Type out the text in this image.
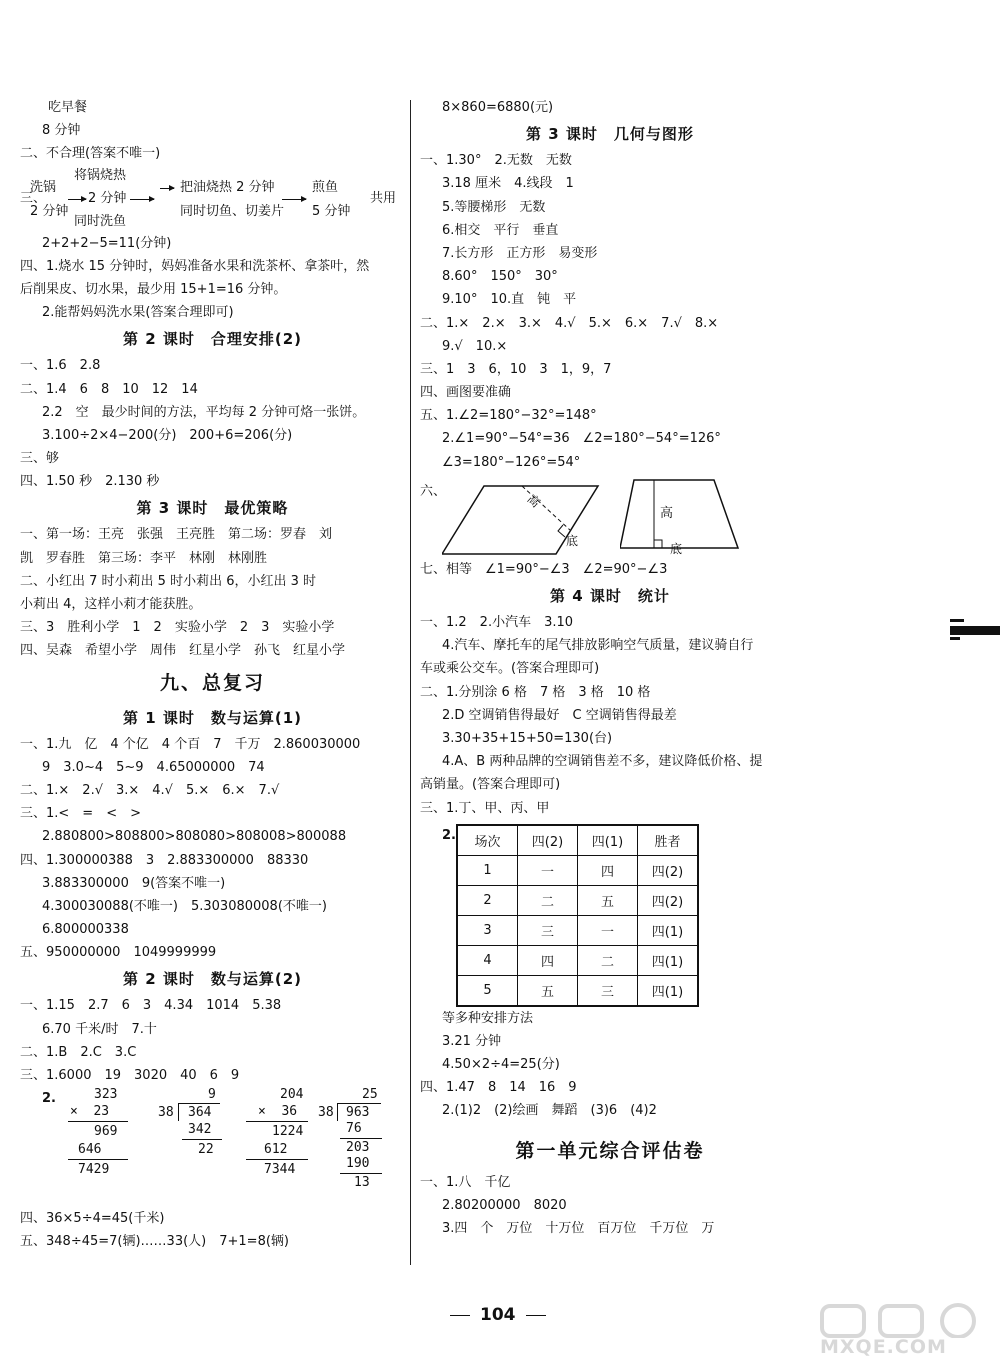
吃早餐
8 分钟
二、不合理(答案不唯一)
三、
洗锅
2 分钟
将锅烧热
2 分钟
同时洗鱼
把油烧热 2 分钟
同时切鱼、切姜片
煎鱼
5 分钟
共用
2+2+2−5=11(分钟)
四、1.烧水 15 分钟时，妈妈准备水果和洗茶杯、拿茶叶，然
后削果皮、切水果，最少用 15+1=16 分钟。
2.能帮妈妈洗水果(答案合理即可)
第 2 课时　合理安排(2)
一、1.6　2.8
二、1.4　6　8　10　12　14
2.2　空　最少时间的方法，平均每 2 分钟可烙一张饼。
3.100÷2×4−200(分)　200+6=206(分)
三、够
四、1.50 秒　2.130 秒
第 3 课时　最优策略
一、第一场：王亮　张强　王亮胜　第二场：罗春　刘
凯　罗春胜　第三场：李平　林刚　林刚胜
二、小红出 7 时小莉出 5 时小莉出 6，小红出 3 时
小莉出 4，这样小莉才能获胜。
三、3　胜利小学　1　2　实验小学　2　3　实验小学
四、吴森　希望小学　周伟　红星小学　孙飞　红星小学
九、总复习
第 1 课时　数与运算(1)
一、1.九　亿　4 个亿　4 个百　7　千万　2.860030000
9　3.0~4　5~9　4.65000000　74
二、1.×　2.√　3.×　4.√　5.×　6.×　7.√
三、1.<　=　<　>
2.880800>808800>808080>808008>800088
四、1.300000388　3　2.883300000　88330
3.883300000　9(答案不唯一)
4.300030088(不唯一)　5.303080008(不唯一)
6.800000338
五、950000000　1049999999
第 2 课时　数与运算(2)
一、1.15　2.7　6　3　4.34　1014　5.38
6.70 千米/时　7.十
二、1.B　2.C　3.C
三、1.6000　19　3020　40　6　9
2.	323
×  23
969
646
7429
9
38 364
342
22
204
×  36
1224
612
7344
25
38 963
76
203
190
13
四、36×5÷4=45(千米)
五、348÷45=7(辆)……33(人)　7+1=8(辆)
8×860=6880(元)
第 3 课时　几何与图形
一、1.30°　2.无数　无数
3.18 厘米　4.线段　1
5.等腰梯形　无数
6.相交　平行　垂直
7.长方形　正方形　易变形
8.60°　150°　30°
9.10°　10.直　钝　平
二、1.×　2.×　3.×　4.√　5.×　6.×　7.√　8.×
9.√　10.×
三、1　3　6，10　3　1，9，7
四、画图要准确
五、1.∠2=180°−32°=148°
2.∠1=90°−54°=36　∠2=180°−54°=126°
∠3=180°−126°=54°
六、
高
底
高
底
七、相等　∠1=90°−∠3　∠2=90°−∠3
第 4 课时　统计
一、1.2　2.小汽车　3.10
4.汽车、摩托车的尾气排放影响空气质量，建议骑自行
车或乘公交车。(答案合理即可)
二、1.分别涂 6 格　7 格　3 格　10 格
2.D 空调销售得最好　C 空调销售得最差
3.30+35+15+50=130(台)
4.A、B 两种品牌的空调销售差不多，建议降低价格、提
高销量。(答案合理即可)
三、1.丁、甲、丙、甲
2. 场次	四(2)	四(1)	胜者
1	一	四	四(2)
2	二	五	四(2)
3	三	一	四(1)
4	四	二	四(1)
5	五	三	四(1)
等多种安排方法
3.21 分钟
4.50×2÷4=25(分)
四、1.47　8　14　16　9
2.(1)2　(2)绘画　舞蹈　(3)6　(4)2
第一单元综合评估卷
一、1.八　千亿
2.80200000　8020
3.四　个　万位　十万位　百万位　千万位　万
104
MXQE.COM
